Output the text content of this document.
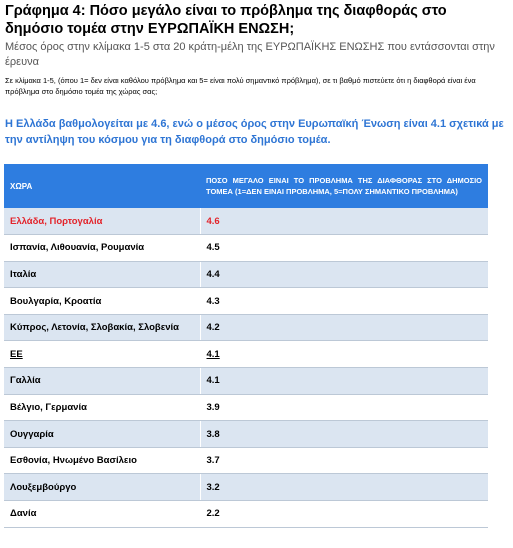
Γράφημα 4: Πόσο μεγάλο είναι το πρόβλημα της διαφθοράς στο δημόσιο τομέα στην ΕΥΡΩΠΑΪΚΗ ΕΝΩΣΗ;
Μέσος όρος στην κλίμακα 1-5 στα 20 κράτη-μέλη της ΕΥΡΩΠΑΪΚΗΣ ΕΝΩΣΗΣ που εντάσσονται στην έρευνα
Σε κλίμακα 1-5, (όπου 1= δεν είναι καθόλου πρόβλημα και 5= είναι πολύ σημαντικό πρόβλημα), σε τι βαθμό πιστεύετε ότι η διαφθορά είναι ένα πρόβλημα στο δημόσιο τομέα της χώρας σας;
Η Ελλάδα βαθμολογείται με 4.6, ενώ ο μέσος όρος στην Ευρωπαϊκή Ένωση είναι 4.1 σχετικά με την αντίληψη του κόσμου για τη διαφθορά στο δημόσιο τομέα.
ΧΩΡΑ	ΠΟΣΟ ΜΕΓΑΛΟ ΕΙΝΑΙ ΤΟ ΠΡΟΒΛΗΜΑ ΤΗΣ ΔΙΑΦΘΟΡΑΣ ΣΤΟ ΔΗΜΟΣΙΟ ΤΟΜΕΑ (1=ΔΕΝ ΕΙΝΑΙ ΠΡΟΒΛΗΜΑ, 5=ΠΟΛΥ ΣΗΜΑΝΤΙΚΟ ΠΡΟΒΛΗΜΑ)
Ελλάδα, Πορτογαλία	4.6
Ισπανία, Λιθουανία, Ρουμανία	4.5
Ιταλία	4.4
Βουλγαρία, Κροατία	4.3
Κύπρος, Λετονία, Σλοβακία, Σλοβενία	4.2
ΕΕ	4.1
Γαλλία	4.1
Βέλγιο, Γερμανία	3.9
Ουγγαρία	3.8
Εσθονία, Ηνωμένο Βασίλειο	3.7
Λουξεμβούργο	3.2
Δανία	2.2
